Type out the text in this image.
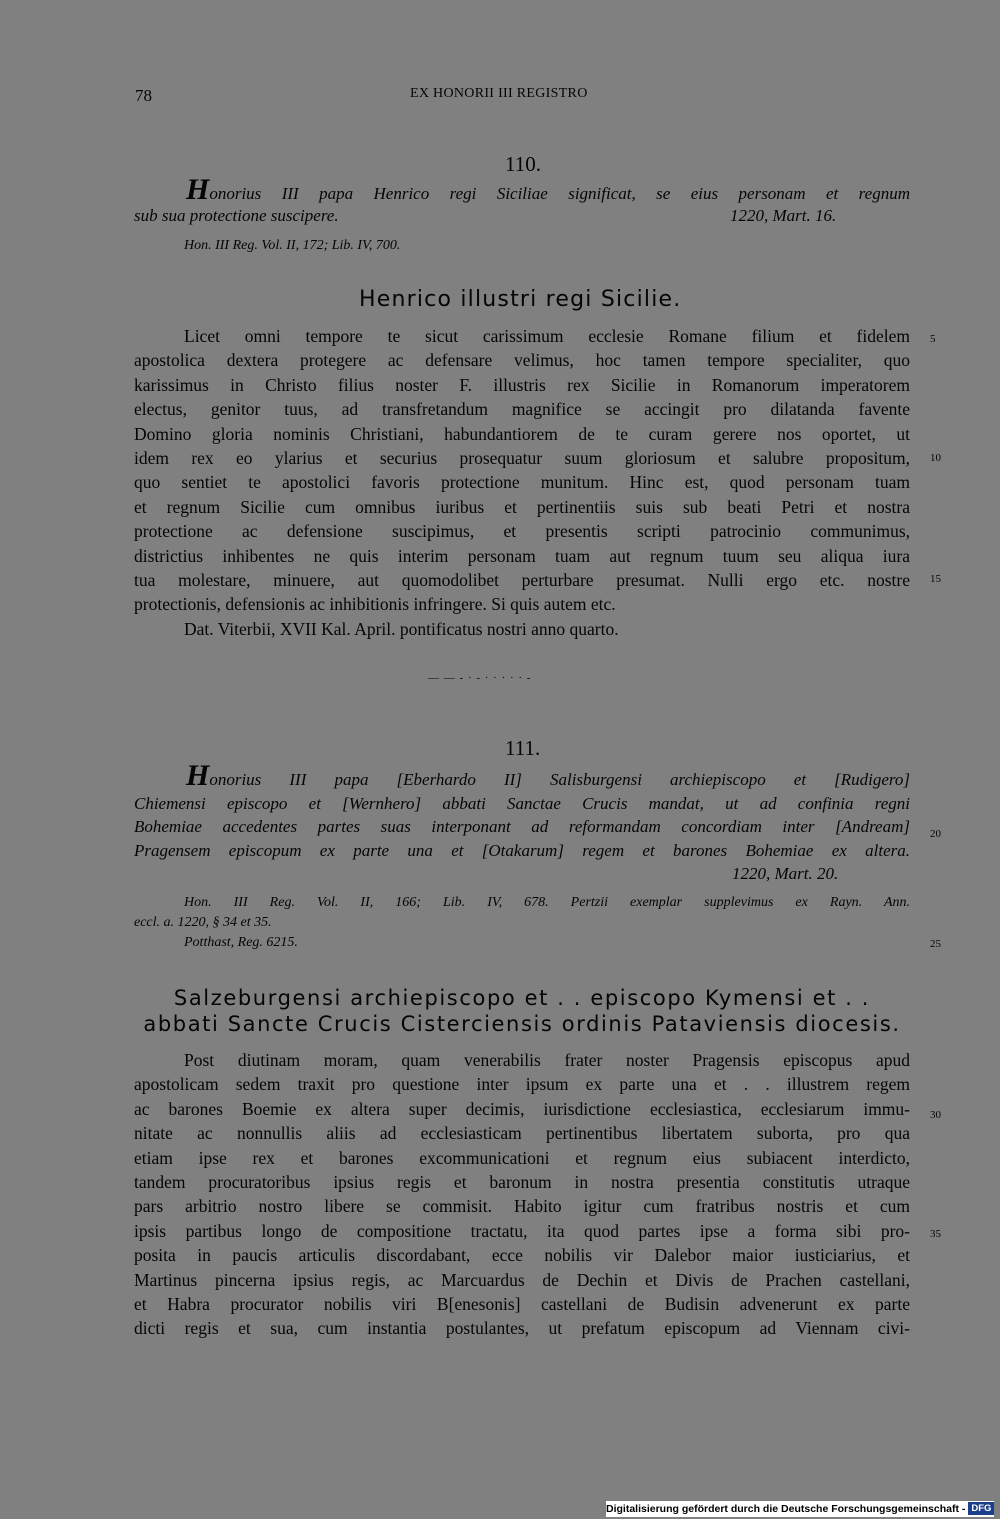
78	EX HONORII III REGISTRO
110.
Honorius III papa Henrico regi Siciliae significat, se eius personam et regnum
sub sua protectione suscipere.	1220, Mart. 16.
Hon. III Reg. Vol. II, 172; Lib. IV, 700.
Henrico illustri regi Sicilie.
Licet omni tempore te sicut carissimum ecclesie Romane filium et fidelem
apostolica dextera protegere ac defensare velimus, hoc tamen tempore specialiter, quo
karissimus in Christo filius noster F. illustris rex Sicilie in Romanorum imperatorem
electus, genitor tuus, ad transfretandum magnifice se accingit pro dilatanda favente
Domino gloria nominis Christiani, habundantiorem de te curam gerere nos oportet, ut
idem rex eo ylarius et securius prosequatur suum gloriosum et salubre propositum,
quo sentiet te apostolici favoris protectione munitum. Hinc est, quod personam tuam
et regnum Sicilie cum omnibus iuribus et pertinentiis suis sub beati Petri et nostra
protectione ac defensione suscipimus, et presentis scripti patrocinio communimus,
districtius inhibentes ne quis interim personam tuam aut regnum tuum seu aliqua iura
tua molestare, minuere, aut quomodolibet perturbare presumat. Nulli ergo etc. nostre
protectionis, defensionis ac inhibitionis infringere. Si quis autem etc.
Dat. Viterbii, XVII Kal. April. pontificatus nostri anno quarto.
— — - · - · · · · · -
111.
Honorius III papa [Eberhardo II] Salisburgensi archiepiscopo et [Rudigero]
Chiemensi episcopo et [Wernhero] abbati Sanctae Crucis mandat, ut ad confinia regni
Bohemiae accedentes partes suas interponant ad reformandam concordiam inter [Andream]
Pragensem episcopum ex parte una et [Otakarum] regem et barones Bohemiae ex altera.
1220, Mart. 20.
Hon. III Reg. Vol. II, 166; Lib. IV, 678. Pertzii exemplar supplevimus ex Rayn. Ann.
eccl. a. 1220, § 34 et 35.
Potthast, Reg. 6215.
Salzeburgensi archiepiscopo et . . episcopo Kymensi et . .
abbati Sancte Crucis Cisterciensis ordinis Pataviensis diocesis.
Post diutinam moram, quam venerabilis frater noster Pragensis episcopus apud
apostolicam sedem traxit pro questione inter ipsum ex parte una et . . illustrem regem
ac barones Boemie ex altera super decimis, iurisdictione ecclesiastica, ecclesiarum immu-
nitate ac nonnullis aliis ad ecclesiasticam pertinentibus libertatem suborta, pro qua
etiam ipse rex et barones excommunicationi et regnum eius subiacent interdicto,
tandem procuratoribus ipsius regis et baronum in nostra presentia constitutis utraque
pars arbitrio nostro libere se commisit. Habito igitur cum fratribus nostris et cum
ipsis partibus longo de compositione tractatu, ita quod partes ipse a forma sibi pro-
posita in paucis articulis discordabant, ecce nobilis vir Dalebor maior iusticiarius, et
Martinus pincerna ipsius regis, ac Marcuardus de Dechin et Divis de Prachen castellani,
et Habra procurator nobilis viri B[enesonis] castellani de Budisin advenerunt ex parte
dicti regis et sua, cum instantia postulantes, ut prefatum episcopum ad Viennam civi-
5
10
15
20
25
30
35
Digitalisierung gefördert durch die Deutsche Forschungsgemeinschaft - DFG
